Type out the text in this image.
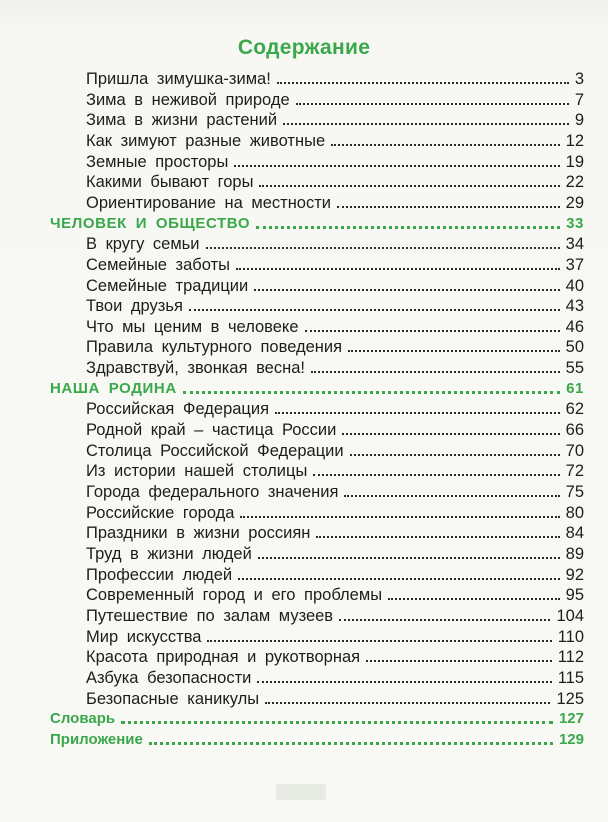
Содержание
Пришла зимушка-зима!	3
Зима в неживой природе	7
Зима в жизни растений	9
Как зимуют разные животные	12
Земные просторы	19
Какими бывают горы	22
Ориентирование на местности	29
ЧЕЛОВЕК И ОБЩЕСТВО	33
В кругу семьи	34
Семейные заботы	37
Семейные традиции	40
Твои друзья	43
Что мы ценим в человеке	46
Правила культурного поведения	50
Здравствуй, звонкая весна!	55
НАША РОДИНА	61
Российская Федерация	62
Родной край – частица России	66
Столица Российской Федерации	70
Из истории нашей столицы	72
Города федерального значения	75
Российские города	80
Праздники в жизни россиян	84
Труд в жизни людей	89
Профессии людей	92
Современный город и его проблемы	95
Путешествие по залам музеев	104
Мир искусства	110
Красота природная и рукотворная	112
Азбука безопасности	115
Безопасные каникулы	125
Словарь	127
Приложение	129
